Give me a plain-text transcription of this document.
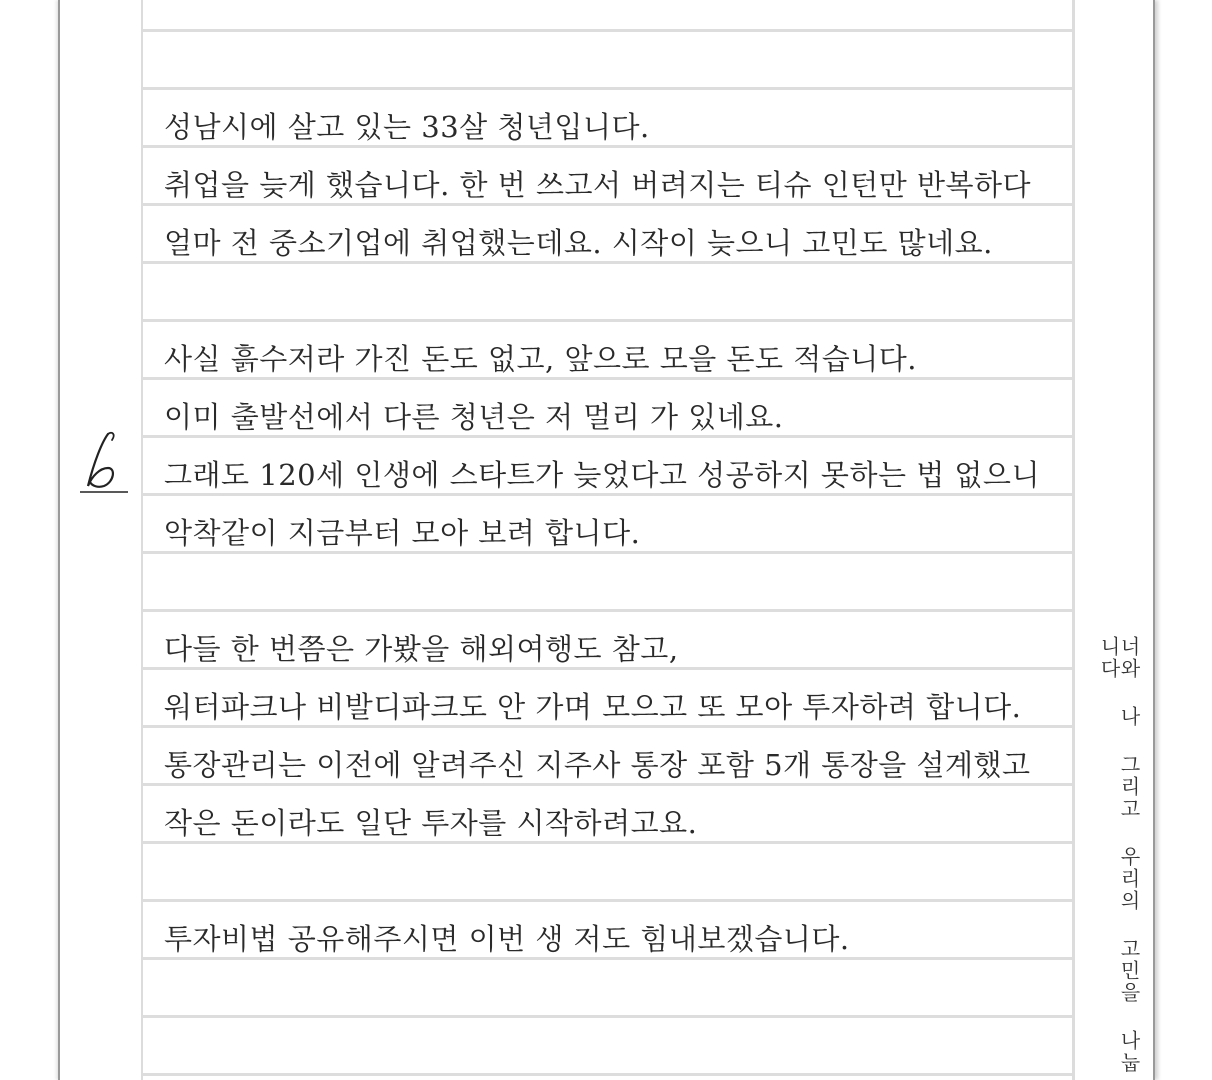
성남시에 살고 있는 33살 청년입니다.
취업을 늦게 했습니다. 한 번 쓰고서 버려지는 티슈 인턴만 반복하다
얼마 전 중소기업에 취업했는데요. 시작이 늦으니 고민도 많네요.
사실 흙수저라 가진 돈도 없고, 앞으로 모을 돈도 적습니다.
이미 출발선에서 다른 청년은 저 멀리 가 있네요.
그래도 120세 인생에 스타트가 늦었다고 성공하지 못하는 법 없으니
악착같이 지금부터 모아 보려 합니다.
다들 한 번쯤은 가봤을 해외여행도 참고,
워터파크나 비발디파크도 안 가며 모으고 또 모아 투자하려 합니다.
통장관리는 이전에 알려주신 지주사 통장 포함 5개 통장을 설계했고
작은 돈이라도 일단 투자를 시작하려고요.
투자비법 공유해주시면 이번 생 저도 힘내보겠습니다.	너와 나 그리고 우리의 고민을 나눕니다
